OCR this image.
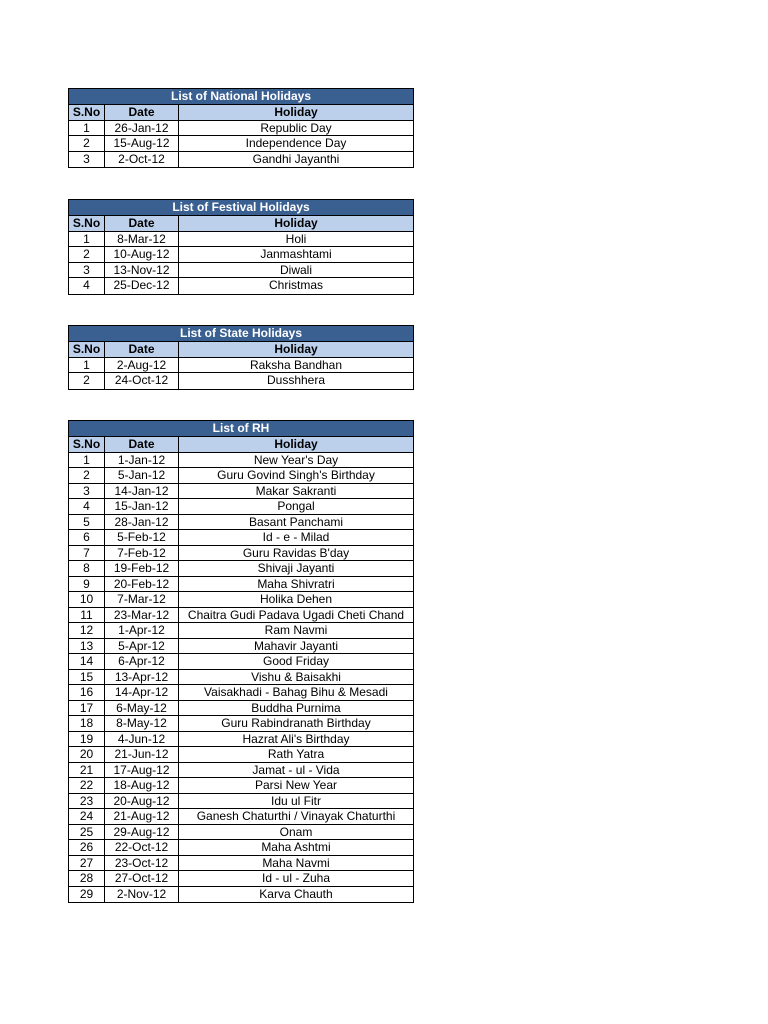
List of National Holidays
S.No	Date	Holiday
1	26-Jan-12	Republic Day
2	15-Aug-12	Independence Day
3	2-Oct-12	Gandhi Jayanthi
List of Festival Holidays
S.No	Date	Holiday
1	8-Mar-12	Holi
2	10-Aug-12	Janmashtami
3	13-Nov-12	Diwali
4	25-Dec-12	Christmas
List of State Holidays
S.No	Date	Holiday
1	2-Aug-12	Raksha Bandhan
2	24-Oct-12	Dusshhera
List of RH
S.No	Date	Holiday
1	1-Jan-12	New Year's Day
2	5-Jan-12	Guru Govind Singh's Birthday
3	14-Jan-12	Makar Sakranti
4	15-Jan-12	Pongal
5	28-Jan-12	Basant Panchami
6	5-Feb-12	Id - e - Milad
7	7-Feb-12	Guru Ravidas B'day
8	19-Feb-12	Shivaji Jayanti
9	20-Feb-12	Maha Shivratri
10	7-Mar-12	Holika Dehen
11	23-Mar-12	Chaitra Gudi Padava Ugadi Cheti Chand
12	1-Apr-12	Ram Navmi
13	5-Apr-12	Mahavir Jayanti
14	6-Apr-12	Good Friday
15	13-Apr-12	Vishu & Baisakhi
16	14-Apr-12	Vaisakhadi - Bahag Bihu & Mesadi
17	6-May-12	Buddha Purnima
18	8-May-12	Guru Rabindranath Birthday
19	4-Jun-12	Hazrat Ali's Birthday
20	21-Jun-12	Rath Yatra
21	17-Aug-12	Jamat - ul - Vida
22	18-Aug-12	Parsi New Year
23	20-Aug-12	Idu ul Fitr
24	21-Aug-12	Ganesh Chaturthi / Vinayak Chaturthi
25	29-Aug-12	Onam
26	22-Oct-12	Maha Ashtmi
27	23-Oct-12	Maha Navmi
28	27-Oct-12	Id - ul - Zuha
29	2-Nov-12	Karva Chauth
